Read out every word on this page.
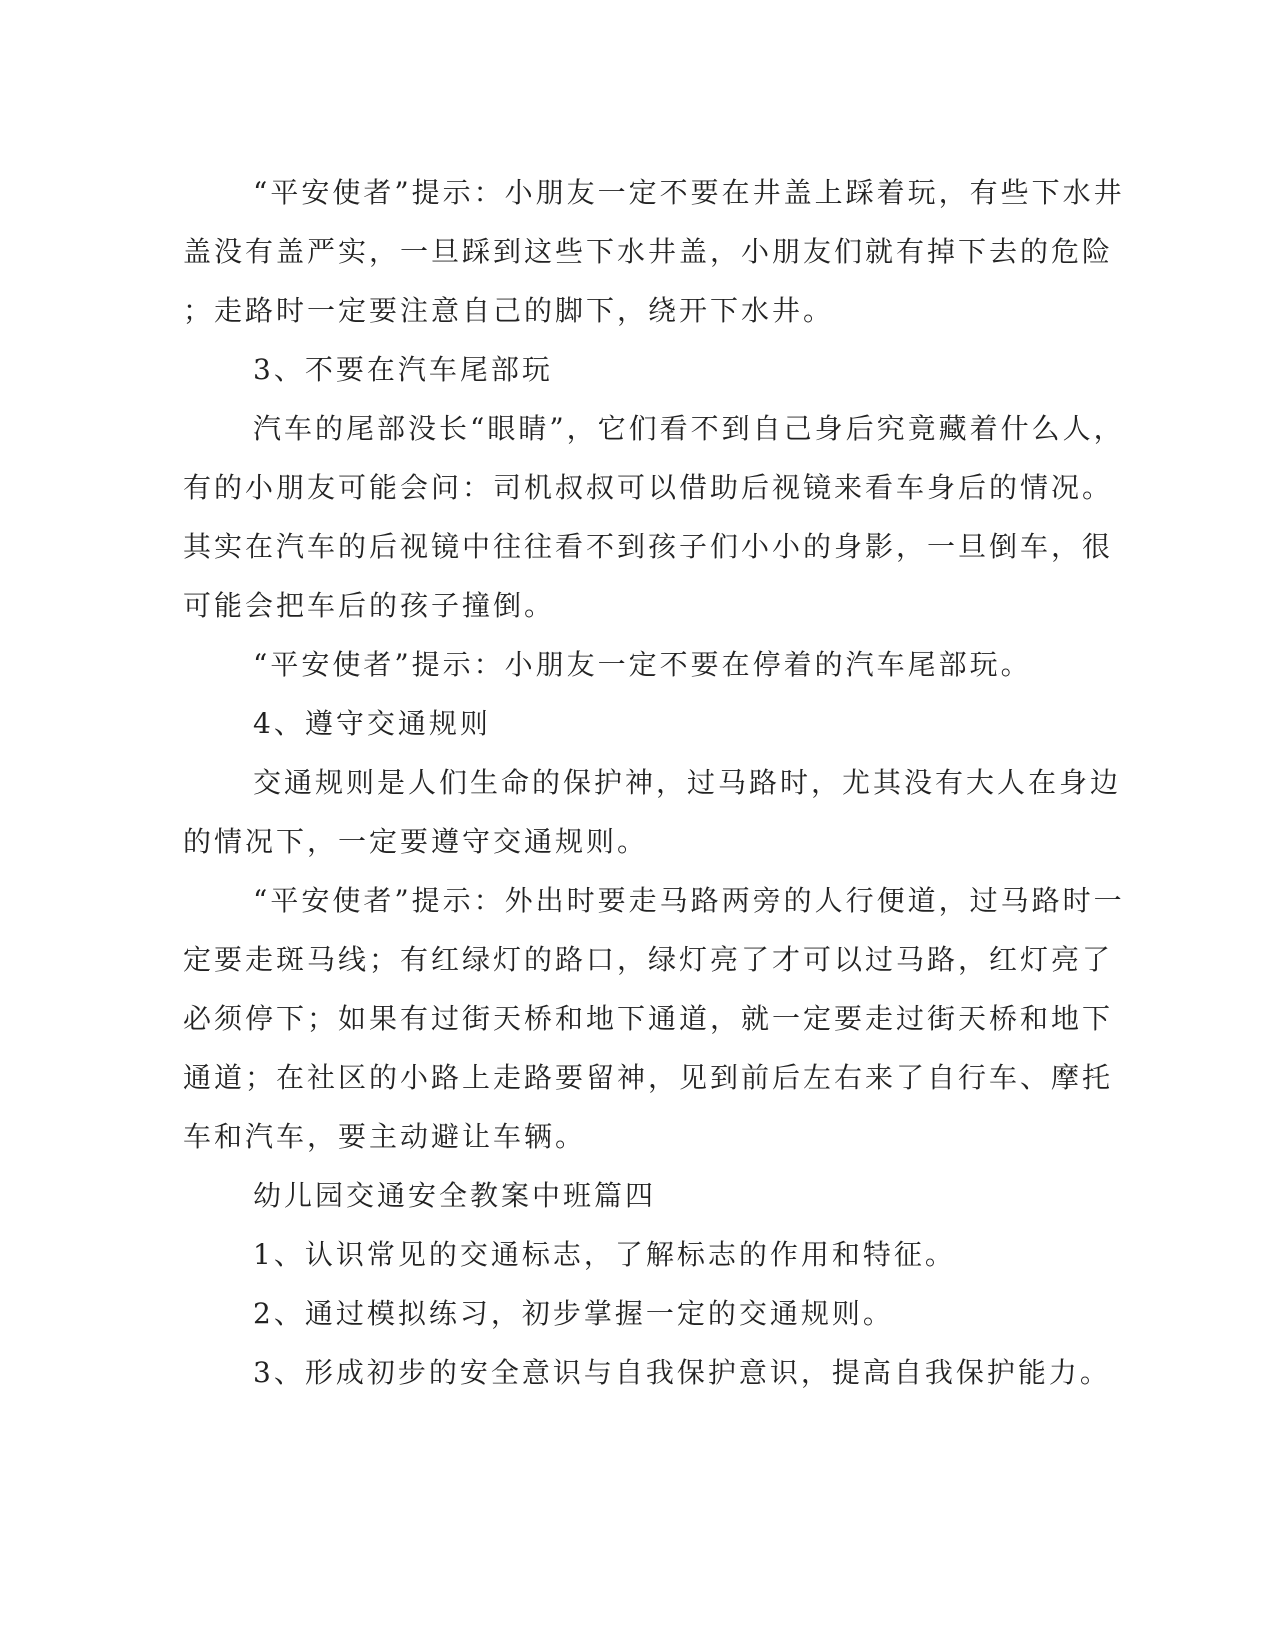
“平安使者”提示：小朋友一定不要在井盖上踩着玩，有些下水井
盖没有盖严实，一旦踩到这些下水井盖，小朋友们就有掉下去的危险
；走路时一定要注意自己的脚下，绕开下水井。

3、不要在汽车尾部玩

汽车的尾部没长“眼睛”，它们看不到自己身后究竟藏着什么人，
有的小朋友可能会问：司机叔叔可以借助后视镜来看车身后的情况。
其实在汽车的后视镜中往往看不到孩子们小小的身影，一旦倒车，很
可能会把车后的孩子撞倒。

“平安使者”提示：小朋友一定不要在停着的汽车尾部玩。

4、遵守交通规则

交通规则是人们生命的保护神，过马路时，尤其没有大人在身边
的情况下，一定要遵守交通规则。
“平安使者”提示：外出时要走马路两旁的人行便道，过马路时一
定要走斑马线；有红绿灯的路口，绿灯亮了才可以过马路，红灯亮了
必须停下；如果有过街天桥和地下通道，就一定要走过街天桥和地下
通道；在社区的小路上走路要留神，见到前后左右来了自行车、摩托
车和汽车，要主动避让车辆。

幼儿园交通安全教案中班篇四

1、认识常见的交通标志，了解标志的作用和特征。

2、通过模拟练习，初步掌握一定的交通规则。

3、形成初步的安全意识与自我保护意识，提高自我保护能力。
